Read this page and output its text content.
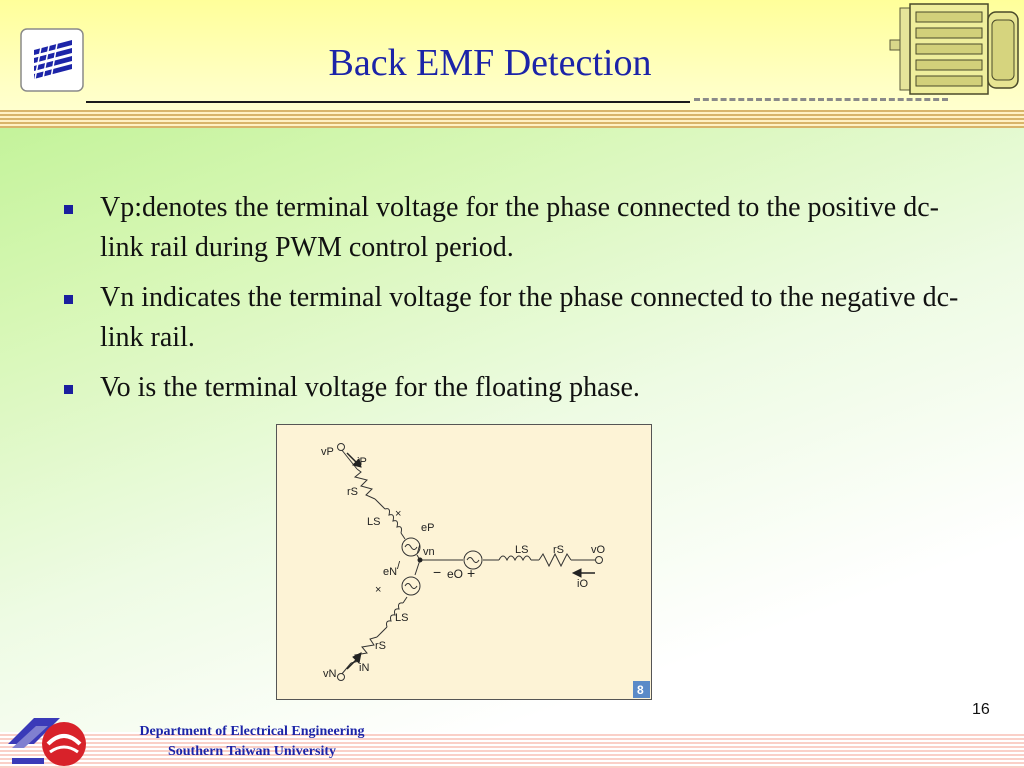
Back EMF Detection
Vp:denotes the terminal voltage for the phase connected to the positive dc-link rail during PWM control period.
Vn indicates the terminal voltage for the phase connected to the negative dc-link rail.
Vo is the terminal voltage for the floating phase.
vP
iP
rS
LS
×
eP
/ vn
/
eN
×
LS
rS
vN iN
− eO +
LS rS vO
iO
8
Department of Electrical Engineering
Southern Taiwan University
16
